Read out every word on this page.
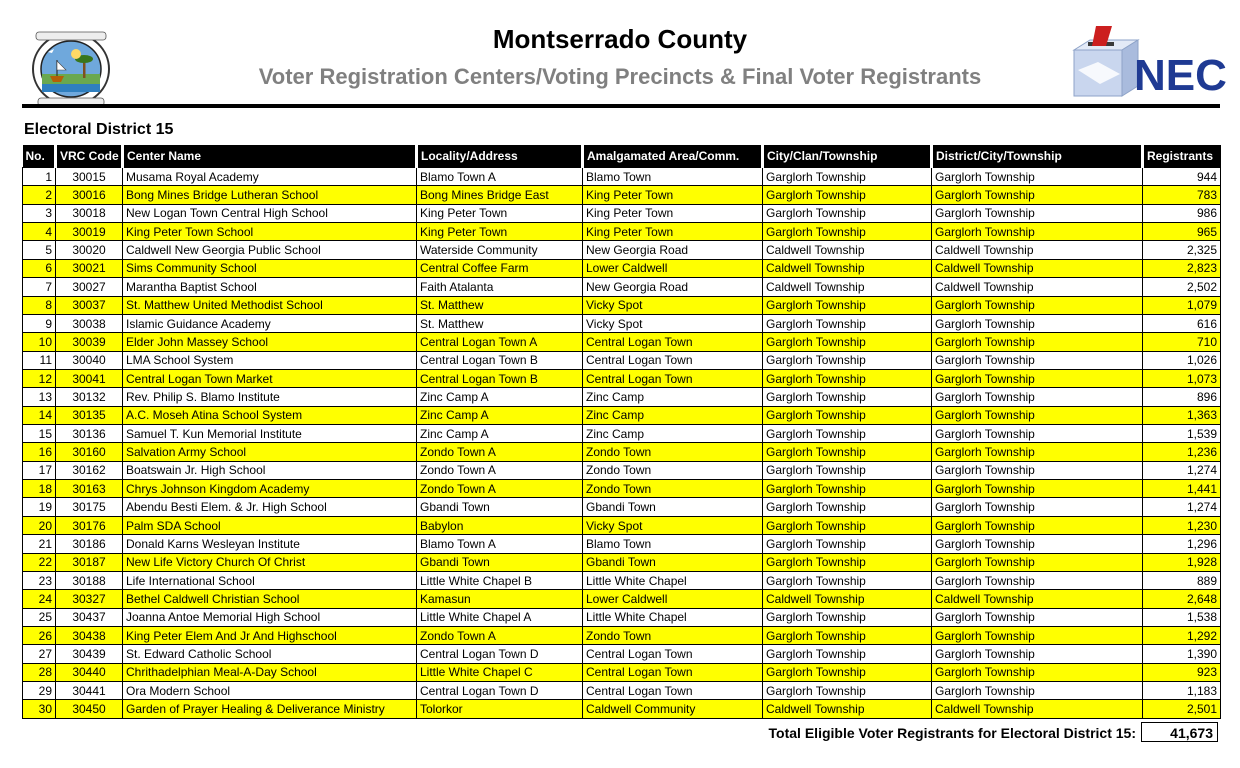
Montserrado County
Voter Registration Centers/Voting Precincts & Final Voter Registrants	NEC
Electoral District 15
No.	VRC Code	Center Name	Locality/Address	Amalgamated Area/Comm.	City/Clan/Township	District/City/Township	Registrants
1	30015	Musama Royal Academy	Blamo Town A	Blamo Town	Garglorh Township	Garglorh Township	944
2	30016	Bong Mines Bridge Lutheran School	Bong Mines Bridge East	King Peter Town	Garglorh Township	Garglorh Township	783
3	30018	New Logan Town Central High School	King Peter Town	King Peter Town	Garglorh Township	Garglorh Township	986
4	30019	King Peter Town School	King Peter Town	King Peter Town	Garglorh Township	Garglorh Township	965
5	30020	Caldwell New Georgia Public School	Waterside Community	New Georgia Road	Caldwell Township	Caldwell Township	2,325
6	30021	Sims Community School	Central Coffee Farm	Lower Caldwell	Caldwell Township	Caldwell Township	2,823
7	30027	Marantha Baptist School	Faith Atalanta	New Georgia Road	Caldwell Township	Caldwell Township	2,502
8	30037	St. Matthew United Methodist School	St. Matthew	Vicky Spot	Garglorh Township	Garglorh Township	1,079
9	30038	Islamic Guidance Academy	St. Matthew	Vicky Spot	Garglorh Township	Garglorh Township	616
10	30039	Elder John Massey School	Central Logan Town A	Central Logan Town	Garglorh Township	Garglorh Township	710
11	30040	LMA School System	Central Logan Town B	Central Logan Town	Garglorh Township	Garglorh Township	1,026
12	30041	Central Logan Town Market	Central Logan Town B	Central Logan Town	Garglorh Township	Garglorh Township	1,073
13	30132	Rev. Philip S. Blamo Institute	Zinc Camp A	Zinc Camp	Garglorh Township	Garglorh Township	896
14	30135	A.C. Moseh Atina School System	Zinc Camp A	Zinc Camp	Garglorh Township	Garglorh Township	1,363
15	30136	Samuel T. Kun Memorial Institute	Zinc Camp A	Zinc Camp	Garglorh Township	Garglorh Township	1,539
16	30160	Salvation Army School	Zondo Town A	Zondo Town	Garglorh Township	Garglorh Township	1,236
17	30162	Boatswain Jr. High School	Zondo Town A	Zondo Town	Garglorh Township	Garglorh Township	1,274
18	30163	Chrys Johnson Kingdom Academy	Zondo Town A	Zondo Town	Garglorh Township	Garglorh Township	1,441
19	30175	Abendu Besti Elem. & Jr. High School	Gbandi Town	Gbandi Town	Garglorh Township	Garglorh Township	1,274
20	30176	Palm SDA School	Babylon	Vicky Spot	Garglorh Township	Garglorh Township	1,230
21	30186	Donald Karns Wesleyan Institute	Blamo Town A	Blamo Town	Garglorh Township	Garglorh Township	1,296
22	30187	New Life Victory Church Of Christ	Gbandi Town	Gbandi Town	Garglorh Township	Garglorh Township	1,928
23	30188	Life International School	Little White Chapel B	Little White Chapel	Garglorh Township	Garglorh Township	889
24	30327	Bethel Caldwell Christian School	Kamasun	Lower Caldwell	Caldwell Township	Caldwell Township	2,648
25	30437	Joanna Antoe Memorial High School	Little White Chapel A	Little White Chapel	Garglorh Township	Garglorh Township	1,538
26	30438	King Peter Elem And Jr And Highschool	Zondo Town A	Zondo Town	Garglorh Township	Garglorh Township	1,292
27	30439	St. Edward Catholic School	Central Logan Town D	Central Logan Town	Garglorh Township	Garglorh Township	1,390
28	30440	Chrithadelphian Meal-A-Day School	Little White Chapel C	Central Logan Town	Garglorh Township	Garglorh Township	923
29	30441	Ora Modern School	Central Logan Town D	Central Logan Town	Garglorh Township	Garglorh Township	1,183
30	30450	Garden of Prayer Healing & Deliverance Ministry	Tolorkor	Caldwell Community	Caldwell Township	Caldwell Township	2,501
Total Eligible Voter Registrants for Electoral District 15:	41,673
